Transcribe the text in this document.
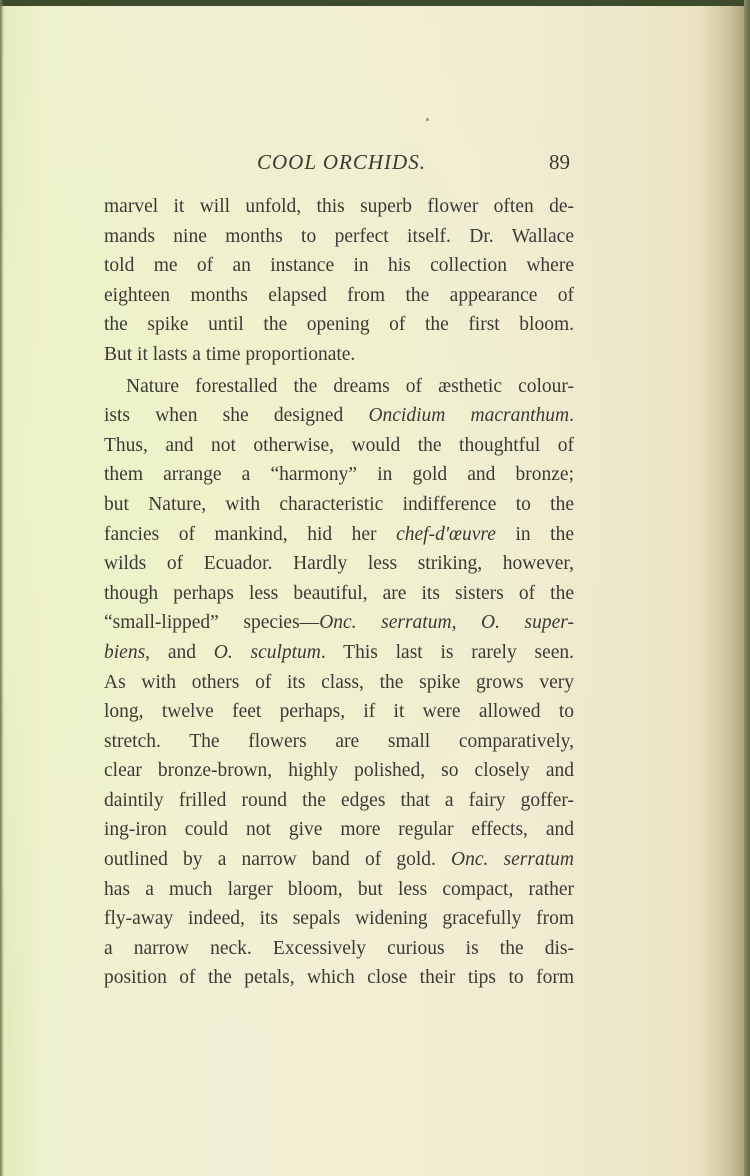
COOL ORCHIDS.	89
marvel it will unfold, this superb flower often de-
mands nine months to perfect itself. Dr. Wallace
told me of an instance in his collection where
eighteen months elapsed from the appearance of
the spike until the opening of the first bloom.
But it lasts a time proportionate.
Nature forestalled the dreams of æsthetic colour-
ists when she designed Oncidium macranthum.
Thus, and not otherwise, would the thoughtful of
them arrange a “harmony” in gold and bronze;
but Nature, with characteristic indifference to the
fancies of mankind, hid her chef-d'œuvre in the
wilds of Ecuador. Hardly less striking, however,
though perhaps less beautiful, are its sisters of the
“small-lipped” species—Onc. serratum, O. super-
biens, and O. sculptum. This last is rarely seen.
As with others of its class, the spike grows very
long, twelve feet perhaps, if it were allowed to
stretch. The flowers are small comparatively,
clear bronze-brown, highly polished, so closely and
daintily frilled round the edges that a fairy goffer-
ing-iron could not give more regular effects, and
outlined by a narrow band of gold. Onc. serratum
has a much larger bloom, but less compact, rather
fly-away indeed, its sepals widening gracefully from
a narrow neck. Excessively curious is the dis-
position of the petals, which close their tips to form
